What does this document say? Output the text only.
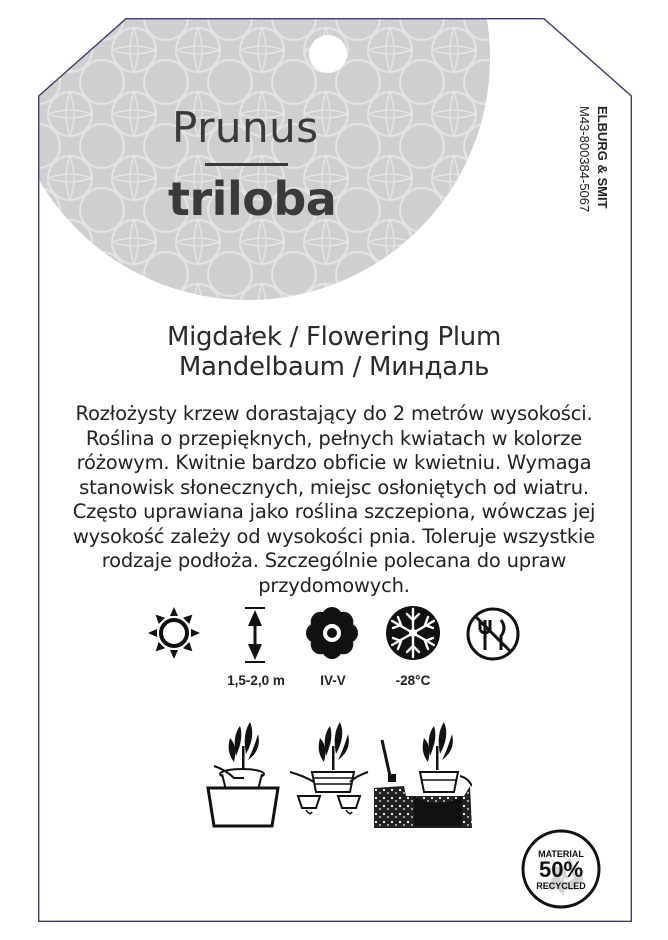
Prunus
triloba	ELBURG & SMIT
M43-800384-5067
Migdałek / Flowering Plum
Mandelbaum / Миндаль
Rozłożysty krzew dorastający do 2 metrów wysokości. Roślina o przepięknych, pełnych kwiatach w kolorze różowym. Kwitnie bardzo obficie w kwietniu. Wymaga stanowisk słonecznych, miejsc osłoniętych od wiatru. Często uprawiana jako roślina szczepiona, wówczas jej wysokość zależy od wysokości pnia. Toleruje wszystkie rodzaje podłoża. Szczególnie polecana do upraw przydomowych.
1,5-2,0 m	IV-V	-28°C
MATERIAL
50%
RECYCLED
